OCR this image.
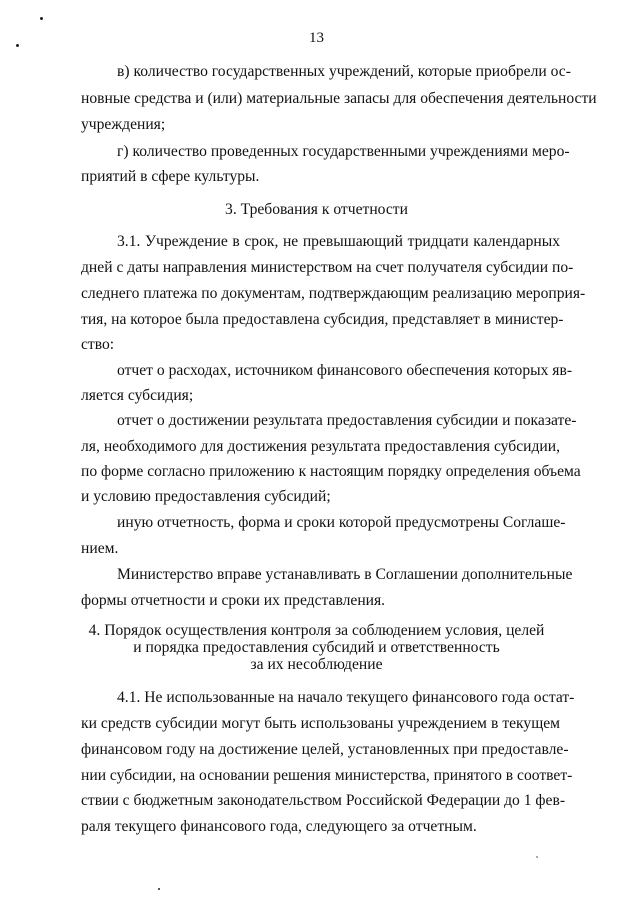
13
в) количество государственных учреждений, которые приобрели ос-
новные средства и (или) материальные запасы для обеспечения деятельности
учреждения;
г) количество проведенных государственными учреждениями меро-
приятий в сфере культуры.
3. Требования к отчетности
3.1. Учреждение в срок, не превышающий тридцати календарных
дней с даты направления министерством на счет получателя субсидии по-
следнего платежа по документам, подтверждающим реализацию мероприя-
тия, на которое была предоставлена субсидия, представляет в министер-
ство:
отчет о расходах, источником финансового обеспечения которых яв-
ляется субсидия;
отчет о достижении результата предоставления субсидии и показате-
ля, необходимого для достижения результата предоставления субсидии,
по форме согласно приложению к настоящим порядку определения объема
и условию предоставления субсидий;
иную отчетность, форма и сроки которой предусмотрены Соглаше-
нием.
Министерство вправе устанавливать в Соглашении дополнительные
формы отчетности и сроки их представления.
4. Порядок осуществления контроля за соблюдением условия, целей
и порядка предоставления субсидий и ответственность
за их несоблюдение
4.1. Не использованные на начало текущего финансового года остат-
ки средств субсидии могут быть использованы учреждением в текущем
финансовом году на достижение целей, установленных при предоставле-
нии субсидии, на основании решения министерства, принятого в соответ-
ствии с бюджетным законодательством Российской Федерации до 1 фев-
раля текущего финансового года, следующего за отчетным.
